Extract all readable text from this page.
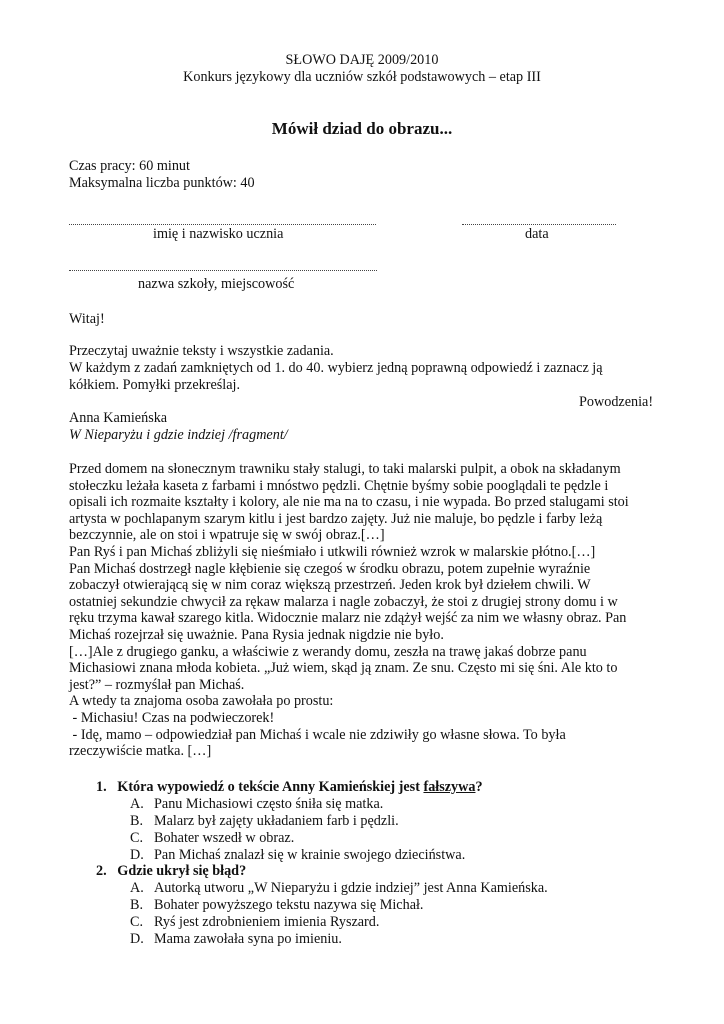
SŁOWO DAJĘ 2009/2010
Konkurs językowy dla uczniów szkół podstawowych – etap III
Mówił dziad do obrazu...
Czas pracy: 60 minut
Maksymalna liczba punktów: 40
imię i nazwisko ucznia	data
nazwa szkoły, miejscowość
Witaj!
Przeczytaj uważnie teksty i wszystkie zadania.
W każdym z zadań zamkniętych od 1. do 40. wybierz jedną poprawną odpowiedź i zaznacz ją
kółkiem. Pomyłki przekreślaj.
Powodzenia!
Anna Kamieńska
W Nieparyżu i gdzie indziej /fragment/
Przed domem na słonecznym trawniku stały stalugi, to taki malarski pulpit, a obok na składanym
stołeczku leżała kaseta z farbami i mnóstwo pędzli. Chętnie byśmy sobie pooglądali te pędzle i
opisali ich rozmaite kształty i kolory, ale nie ma na to czasu, i nie wypada. Bo przed stalugami stoi
artysta w pochlapanym szarym kitlu i jest bardzo zajęty. Już nie maluje, bo pędzle i farby leżą
bezczynnie, ale on stoi i wpatruje się w swój obraz.[…]
Pan Ryś i pan Michaś zbliżyli się nieśmiało i utkwili również wzrok w malarskie płótno.[…]
Pan Michaś dostrzegł nagle kłębienie się czegoś w środku obrazu, potem zupełnie wyraźnie
zobaczył otwierającą się w nim coraz większą przestrzeń. Jeden krok był dziełem chwili. W
ostatniej sekundzie chwycił za rękaw malarza i nagle zobaczył, że stoi z drugiej strony domu i w
ręku trzyma kawał szarego kitla. Widocznie malarz nie zdążył wejść za nim we własny obraz. Pan
Michaś rozejrzał się uważnie. Pana Rysia jednak nigdzie nie było.
[…]Ale z drugiego ganku, a właściwie z werandy domu, zeszła na trawę jakaś dobrze panu
Michasiowi znana młoda kobieta. „Już wiem, skąd ją znam. Ze snu. Często mi się śni. Ale kto to
jest?” – rozmyślał pan Michaś.
A wtedy ta znajoma osoba zawołała po prostu:
- Michasiu! Czas na podwieczorek!
- Idę, mamo – odpowiedział pan Michaś i wcale nie zdziwiły go własne słowa. To była
rzeczywiście matka. […]
1. Która wypowiedź o tekście Anny Kamieńskiej jest fałszywa?
A. Panu Michasiowi często śniła się matka.
B. Malarz był zajęty układaniem farb i pędzli.
C. Bohater wszedł w obraz.
D. Pan Michaś znalazł się w krainie swojego dzieciństwa.
2. Gdzie ukrył się błąd?
A. Autorką utworu „W Nieparyżu i gdzie indziej” jest Anna Kamieńska.
B. Bohater powyższego tekstu nazywa się Michał.
C. Ryś jest zdrobnieniem imienia Ryszard.
D. Mama zawołała syna po imieniu.
